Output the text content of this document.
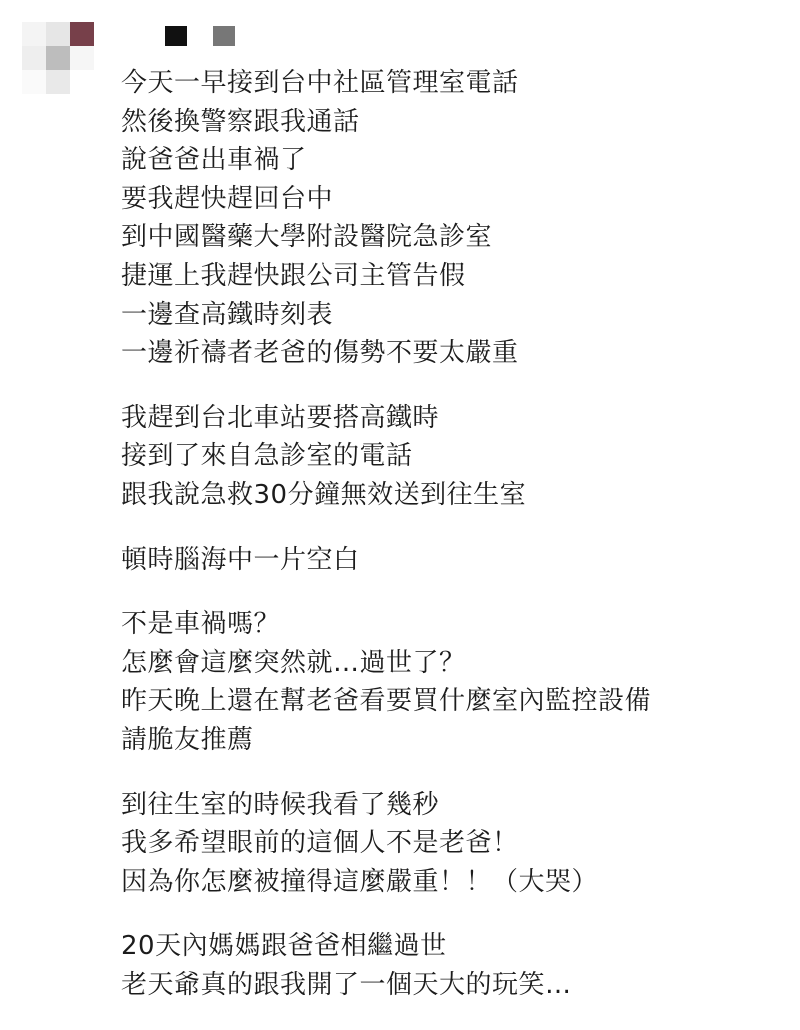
今天一早接到台中社區管理室電話
然後換警察跟我通話
說爸爸出車禍了
要我趕快趕回台中
到中國醫藥大學附設醫院急診室
捷運上我趕快跟公司主管告假
一邊查高鐵時刻表
一邊祈禱者老爸的傷勢不要太嚴重
我趕到台北車站要搭高鐵時
接到了來自急診室的電話
跟我說急救30分鐘無效送到往生室
頓時腦海中一片空白
不是車禍嗎？
怎麼會這麼突然就…過世了？
昨天晚上還在幫老爸看要買什麼室內監控設備
請脆友推薦
到往生室的時候我看了幾秒
我多希望眼前的這個人不是老爸！
因為你怎麼被撞得這麼嚴重！！（大哭）
20天內媽媽跟爸爸相繼過世
老天爺真的跟我開了一個天大的玩笑…
